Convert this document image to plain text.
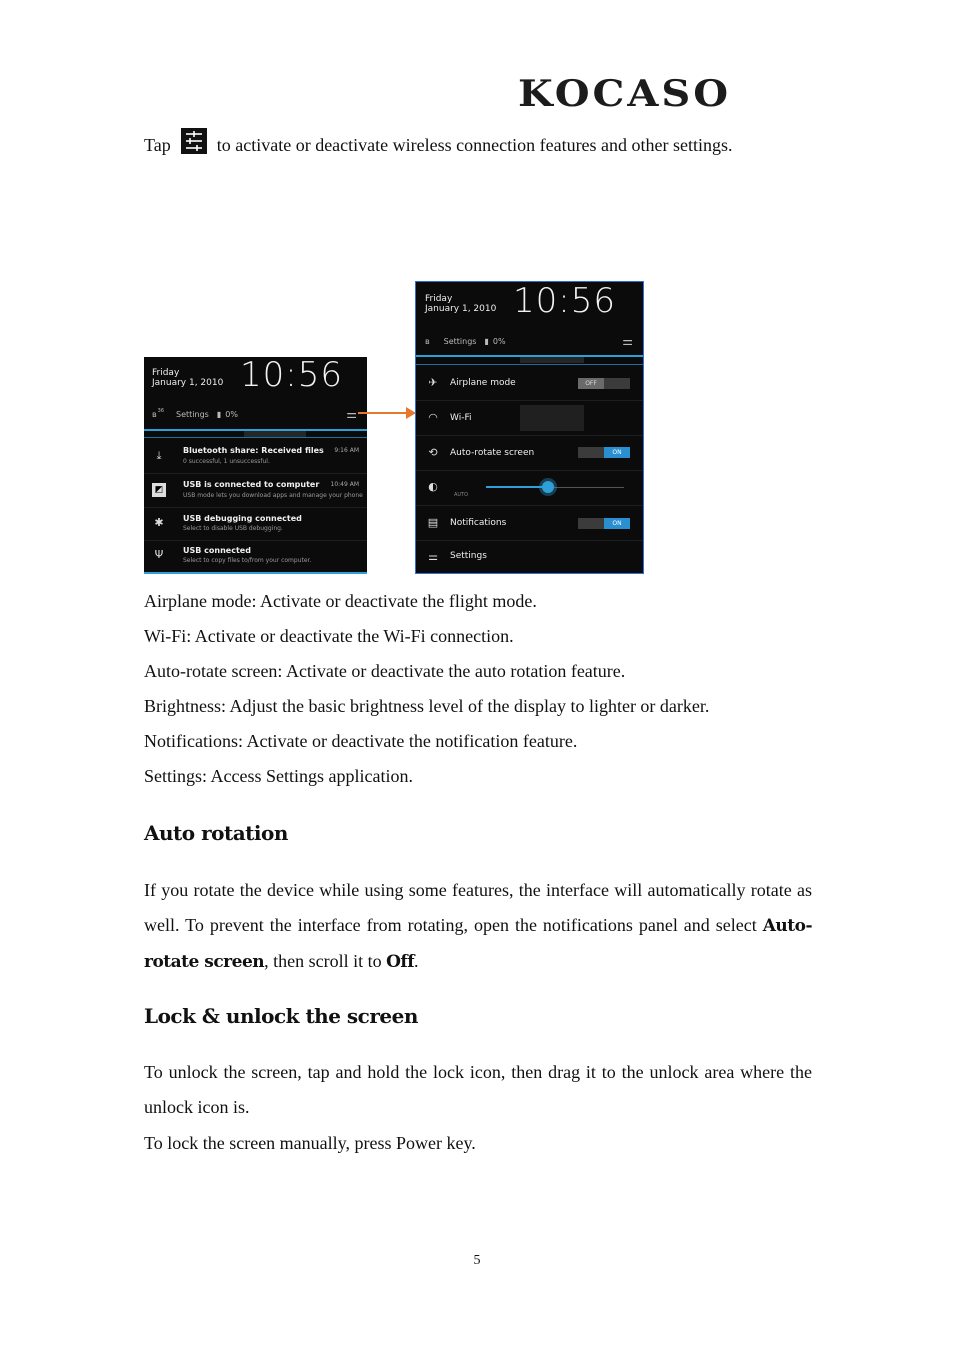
KOCASO
Tap	to activate or deactivate wireless connection features and other settings.
Friday
January 1, 2010 10:56
ʙ 36 Settings ▮ 0%	⚌
⤓	Bluetooth share: Received files
0 successful, 1 unsuccessful.
9:16 AM
◩
USB is connected to computer
USB mode lets you download apps and manage your phone
10:49 AM
✱ USB debugging connected
Select to disable USB debugging.
Ψ	USB connected
Select to copy files to/from your computer.
Friday
January 1, 2010 10:56
ʙ Settings ▮ 0%	⚌
✈ Airplane mode	OFF
◠ Wi-Fi
⟲ Auto-rotate screen	ON
◐
AUTO
▤ Notifications	ON
⚌ Settings
Airplane mode: Activate or deactivate the flight mode.
Wi-Fi: Activate or deactivate the Wi-Fi connection.
Auto-rotate screen: Activate or deactivate the auto rotation feature.
Brightness: Adjust the basic brightness level of the display to lighter or darker.
Notifications: Activate or deactivate the notification feature.
Settings: Access Settings application.
Auto rotation
If you rotate the device while using some features, the interface will automatically rotate as well. To prevent the interface from rotating, open the notifications panel and select Auto-rotate screen, then scroll it to Off.
Lock & unlock the screen
To unlock the screen, tap and hold the lock icon, then drag it to the unlock area where the unlock icon is.
To lock the screen manually, press Power key.
5
